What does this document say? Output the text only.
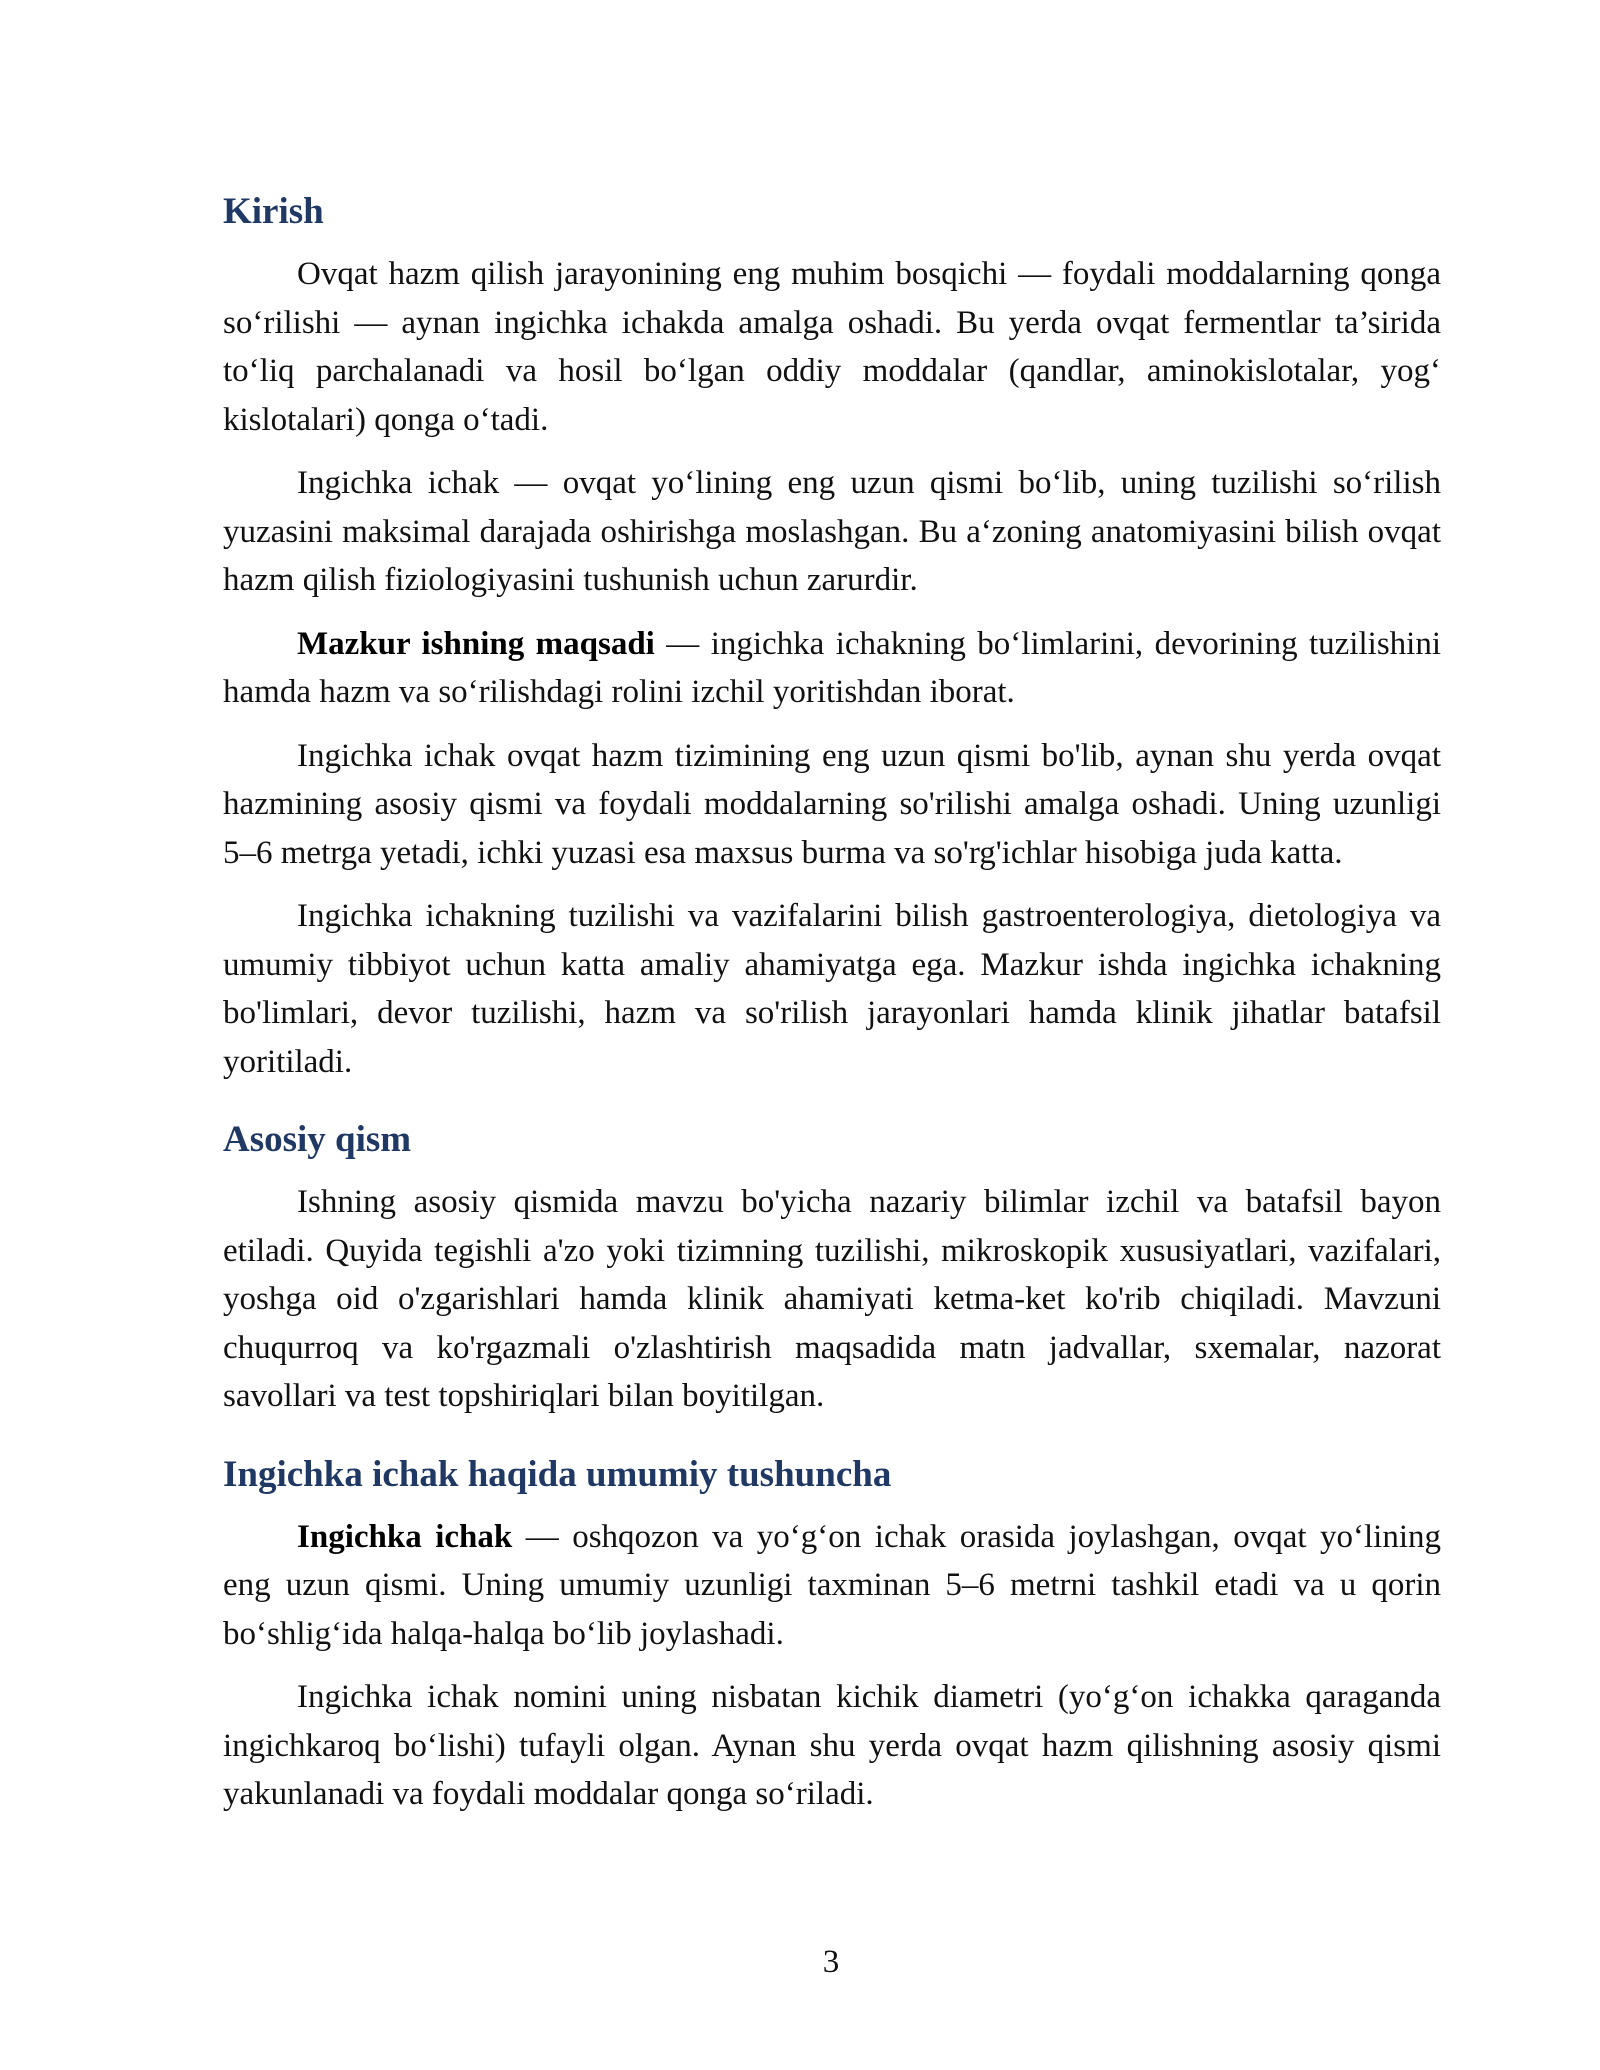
Kirish

Ovqat hazm qilish jarayonining eng muhim bosqichi — foydali moddalarning qonga so‘rilishi — aynan ingichka ichakda amalga oshadi. Bu yerda ovqat fermentlar ta’sirida to‘liq parchalanadi va hosil bo‘lgan oddiy moddalar (qandlar, aminokislotalar, yog‘ kislotalari) qonga o‘tadi.

Ingichka ichak — ovqat yo‘lining eng uzun qismi bo‘lib, uning tuzilishi so‘rilish yuzasini maksimal darajada oshirishga moslashgan. Bu a‘zoning anatomiyasini bilish ovqat hazm qilish fiziologiyasini tushunish uchun zarurdir.

Mazkur ishning maqsadi — ingichka ichakning bo‘limlarini, devorining tuzilishini hamda hazm va so‘rilishdagi rolini izchil yoritishdan iborat.

Ingichka ichak ovqat hazm tizimining eng uzun qismi bo'lib, aynan shu yerda ovqat hazmining asosiy qismi va foydali moddalarning so'rilishi amalga oshadi. Uning uzunligi 5–6 metrga yetadi, ichki yuzasi esa maxsus burma va so'rg'ichlar hisobiga juda katta.

Ingichka ichakning tuzilishi va vazifalarini bilish gastroenterologiya, dietologiya va umumiy tibbiyot uchun katta amaliy ahamiyatga ega. Mazkur ishda ingichka ichakning bo'limlari, devor tuzilishi, hazm va so'rilish jarayonlari hamda klinik jihatlar batafsil yoritiladi.

Asosiy qism

Ishning asosiy qismida mavzu bo'yicha nazariy bilimlar izchil va batafsil bayon etiladi. Quyida tegishli a'zo yoki tizimning tuzilishi, mikroskopik xususiyatlari, vazifalari, yoshga oid o'zgarishlari hamda klinik ahamiyati ketma-ket ko'rib chiqiladi. Mavzuni chuqurroq va ko'rgazmali o'zlashtirish maqsadida matn jadvallar, sxemalar, nazorat savollari va test topshiriqlari bilan boyitilgan.

Ingichka ichak haqida umumiy tushuncha

Ingichka ichak — oshqozon va yo‘g‘on ichak orasida joylashgan, ovqat yo‘lining eng uzun qismi. Uning umumiy uzunligi taxminan 5–6 metrni tashkil etadi va u qorin bo‘shlig‘ida halqa-halqa bo‘lib joylashadi.

Ingichka ichak nomini uning nisbatan kichik diametri (yo‘g‘on ichakka qaraganda ingichkaroq bo‘lishi) tufayli olgan. Aynan shu yerda ovqat hazm qilishning asosiy qismi yakunlanadi va foydali moddalar qonga so‘riladi.

3
